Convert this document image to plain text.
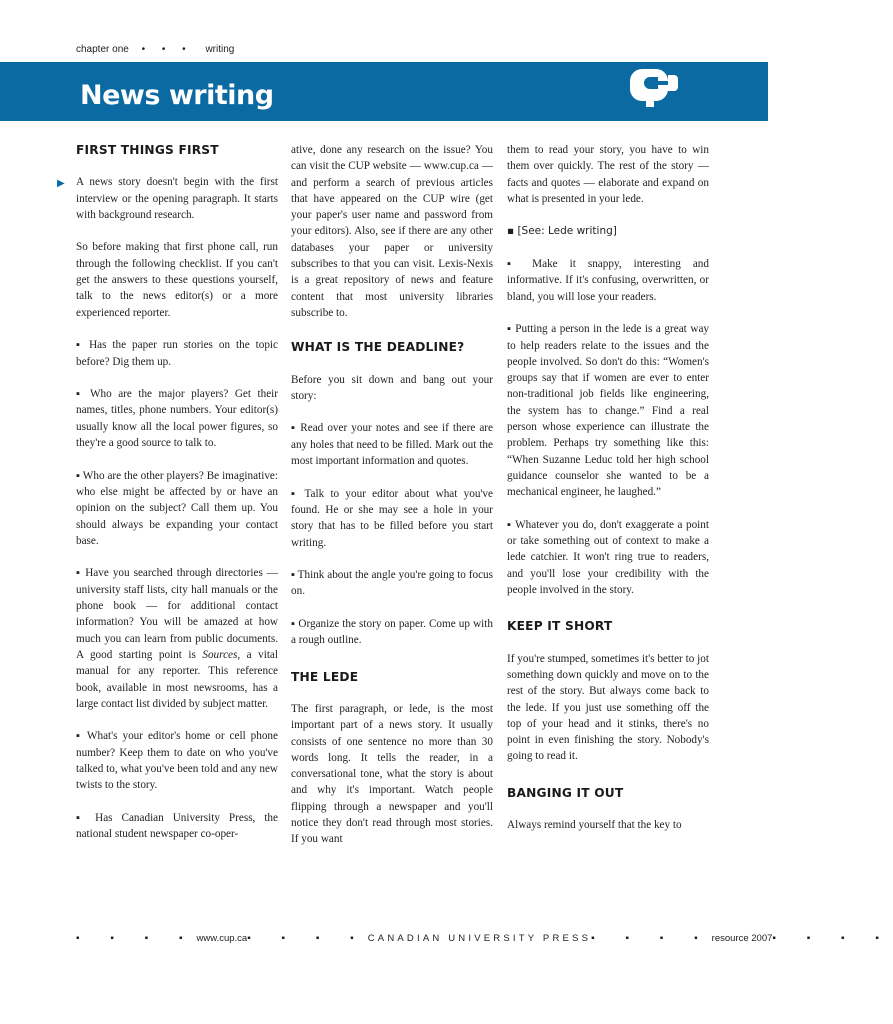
chapter one • • • writing
News writing
FIRST THINGS FIRST

▶ A news story doesn't begin with the first interview or the opening paragraph. It starts with background research.

So before making that first phone call, run through the following checklist. If you can't get the answers to these questions yourself, talk to the news editor(s) or a more experienced reporter.

▪ Has the paper run stories on the topic before? Dig them up.

▪ Who are the major players? Get their names, titles, phone numbers. Your editor(s) usually know all the local power figures, so they're a good source to talk to.

▪ Who are the other players? Be imaginative: who else might be affected by or have an opinion on the subject? Call them up. You should always be expanding your contact base.

▪ Have you searched through directories — university staff lists, city hall manuals or the phone book — for additional contact information? You will be amazed at how much you can learn from public documents. A good starting point is Sources, a vital manual for any reporter. This reference book, available in most newsrooms, has a large contact list divided by subject matter.

▪ What's your editor's home or cell phone number? Keep them to date on who you've talked to, what you've been told and any new twists to the story.

▪ Has Canadian University Press, the national student newspaper co-oper-

ative, done any research on the issue? You can visit the CUP website — www.cup.ca — and perform a search of previous articles that have appeared on the CUP wire (get your paper's user name and password from your editors). Also, see if there are any other databases your paper or university subscribes to that you can visit. Lexis-Nexis is a great repository of news and feature content that most university libraries subscribe to.

WHAT IS THE DEADLINE?

Before you sit down and bang out your story:

▪ Read over your notes and see if there are any holes that need to be filled. Mark out the most important information and quotes.

▪ Talk to your editor about what you've found. He or she may see a hole in your story that has to be filled before you start writing.

▪ Think about the angle you're going to focus on.

▪ Organize the story on paper. Come up with a rough outline.

THE LEDE

The first paragraph, or lede, is the most important part of a news story. It usually consists of one sentence no more than 30 words long. It tells the reader, in a conversational tone, what the story is about and why it's important. Watch people flipping through a newspaper and you'll notice they don't read through most stories. If you want

them to read your story, you have to win them over quickly. The rest of the story — facts and quotes — elaborate and expand on what is presented in your lede.

▪ [See: Lede writing]

▪ Make it snappy, interesting and informative. If it's confusing, overwritten, or bland, you will lose your readers.

▪ Putting a person in the lede is a great way to help readers relate to the issues and the people involved. So don't do this: “Women's groups say that if women are ever to enter non-traditional job fields like engineering, the system has to change.” Find a real person whose experience can illustrate the problem. Perhaps try something like this: “When Suzanne Leduc told her high school guidance counselor she wanted to be a mechanical engineer, he laughed.”

▪ Whatever you do, don't exaggerate a point or take something out of context to make a lede catchier. It won't ring true to readers, and you'll lose your credibility with the people involved in the story.

KEEP IT SHORT

If you're stumped, sometimes it's better to jot something down quickly and move on to the rest of the story. But always come back to the lede. If you just use something off the top of your head and it stinks, there's no point in even finishing the story. Nobody's going to read it.

BANGING IT OUT

Always remind yourself that the key to

▪ ▪ ▪ ▪ www.cup.ca ▪ ▪ ▪ ▪ CANADIAN UNIVERSITY PRESS ▪ ▪ ▪ ▪ resource 2007 ▪ ▪ ▪ ▪
